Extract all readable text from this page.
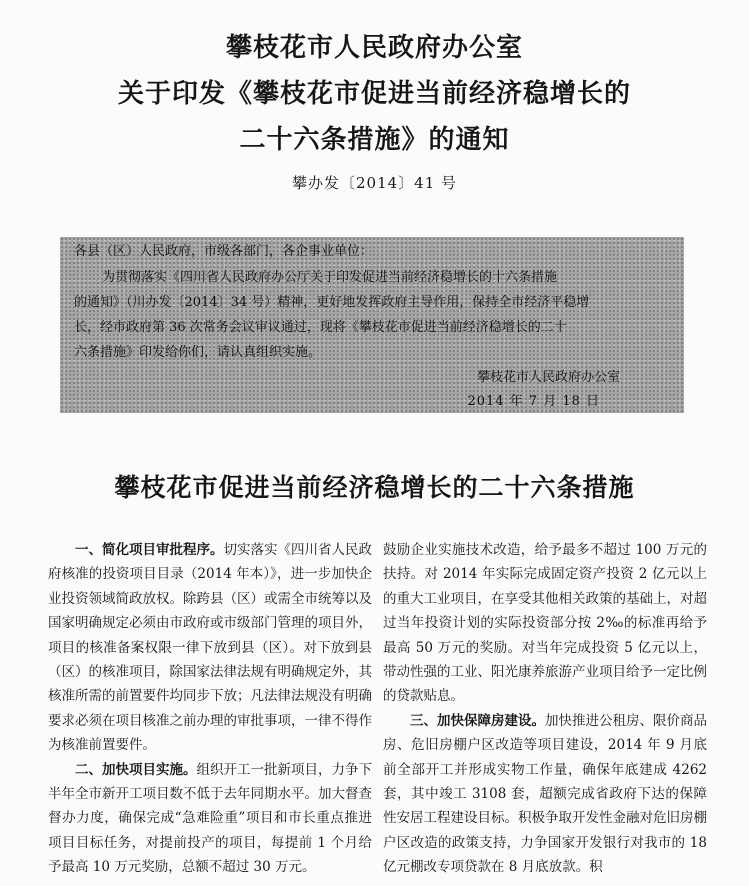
攀枝花市人民政府办公室
关于印发《攀枝花市促进当前经济稳增长的
二十六条措施》的通知
攀办发〔2014〕41 号

各县（区）人民政府，市级各部门，各企事业单位：

为贯彻落实《四川省人民政府办公厅关于印发促进当前经济稳增长的十六条措施

的通知》（川办发〔2014〕34 号）精神，更好地发挥政府主导作用，保持全市经济平稳增

长，经市政府第 36 次常务会议审议通过，现将《攀枝花市促进当前经济稳增长的二十

六条措施》印发给你们，请认真组织实施。

攀枝花市人民政府办公室

2014 年 7 月 18 日

攀枝花市促进当前经济稳增长的二十六条措施

一、简化项目审批程序。切实落实《四川省人民政府核准的投资项目目录（2014 年本）》，进一步加快企业投资领域简政放权。除跨县（区）或需全市统筹以及国家明确规定必须由市政府或市级部门管理的项目外，项目的核准备案权限一律下放到县（区）。对下放到县（区）的核准项目，除国家法律法规有明确规定外，其核准所需的前置要件均同步下放；凡法律法规没有明确要求必须在项目核准之前办理的审批事项，一律不得作为核准前置要件。

二、加快项目实施。组织开工一批新项目，力争下半年全市新开工项目数不低于去年同期水平。加大督查督办力度，确保完成“急难险重”项目和市长重点推进项目目标任务，对提前投产的项目，每提前 1 个月给予最高 10 万元奖励，总额不超过 30 万元。

鼓励企业实施技术改造，给予最多不超过 100 万元的扶持。对 2014 年实际完成固定资产投资 2 亿元以上的重大工业项目，在享受其他相关政策的基础上，对超过当年投资计划的实际投资部分按 2‰的标准再给予最高 50 万元的奖励。对当年完成投资 5 亿元以上，带动性强的工业、阳光康养旅游产业项目给予一定比例的贷款贴息。

三、加快保障房建设。加快推进公租房、限价商品房、危旧房棚户区改造等项目建设，2014 年 9 月底前全部开工并形成实物工作量，确保年底建成 4262 套，其中竣工 3108 套，超额完成省政府下达的保障性安居工程建设目标。积极争取开发性金融对危旧房棚户区改造的政策支持，力争国家开发银行对我市的 18 亿元棚改专项贷款在 8 月底放款。积
